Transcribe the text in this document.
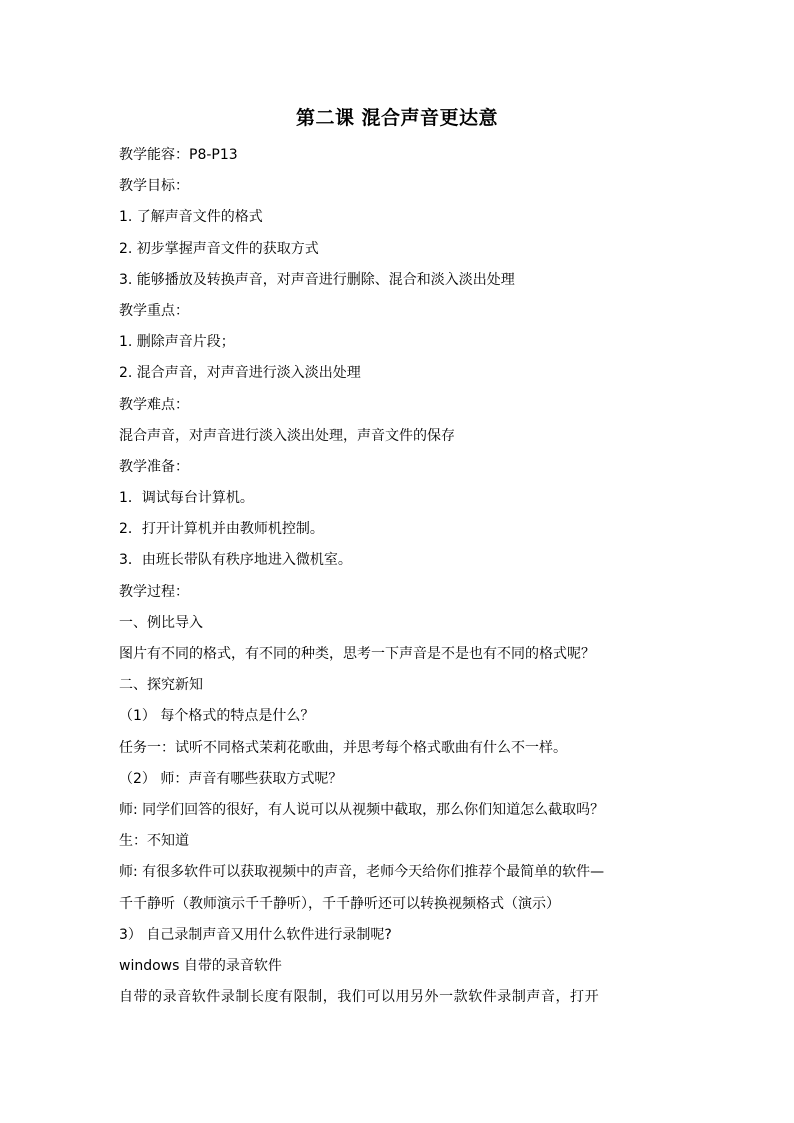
第二课 混合声音更达意
教学能容：P8-P13
教学目标：
1. 了解声音文件的格式
2. 初步掌握声音文件的获取方式
3. 能够播放及转换声音，对声音进行删除、混合和淡入淡出处理
教学重点：
1. 删除声音片段；
2. 混合声音，对声音进行淡入淡出处理
教学难点：
混合声音，对声音进行淡入淡出处理，声音文件的保存
教学准备：
1．调试每台计算机。
2．打开计算机并由教师机控制。
3．由班长带队有秩序地进入微机室。
教学过程：
一、例比导入
图片有不同的格式，有不同的种类，思考一下声音是不是也有不同的格式呢？
二、探究新知
（1） 每个格式的特点是什么？
任务一：试听不同格式茉莉花歌曲，并思考每个格式歌曲有什么不一样。
（2） 师：声音有哪些获取方式呢？
师: 同学们回答的很好，有人说可以从视频中截取，那么你们知道怎么截取吗？
生：不知道
师: 有很多软件可以获取视频中的声音，老师今天给你们推荐个最简单的软件—
千千静听（教师演示千千静听），千千静听还可以转换视频格式（演示）
3） 自己录制声音又用什么软件进行录制呢?
windows 自带的录音软件
自带的录音软件录制长度有限制，我们可以用另外一款软件录制声音，打开
